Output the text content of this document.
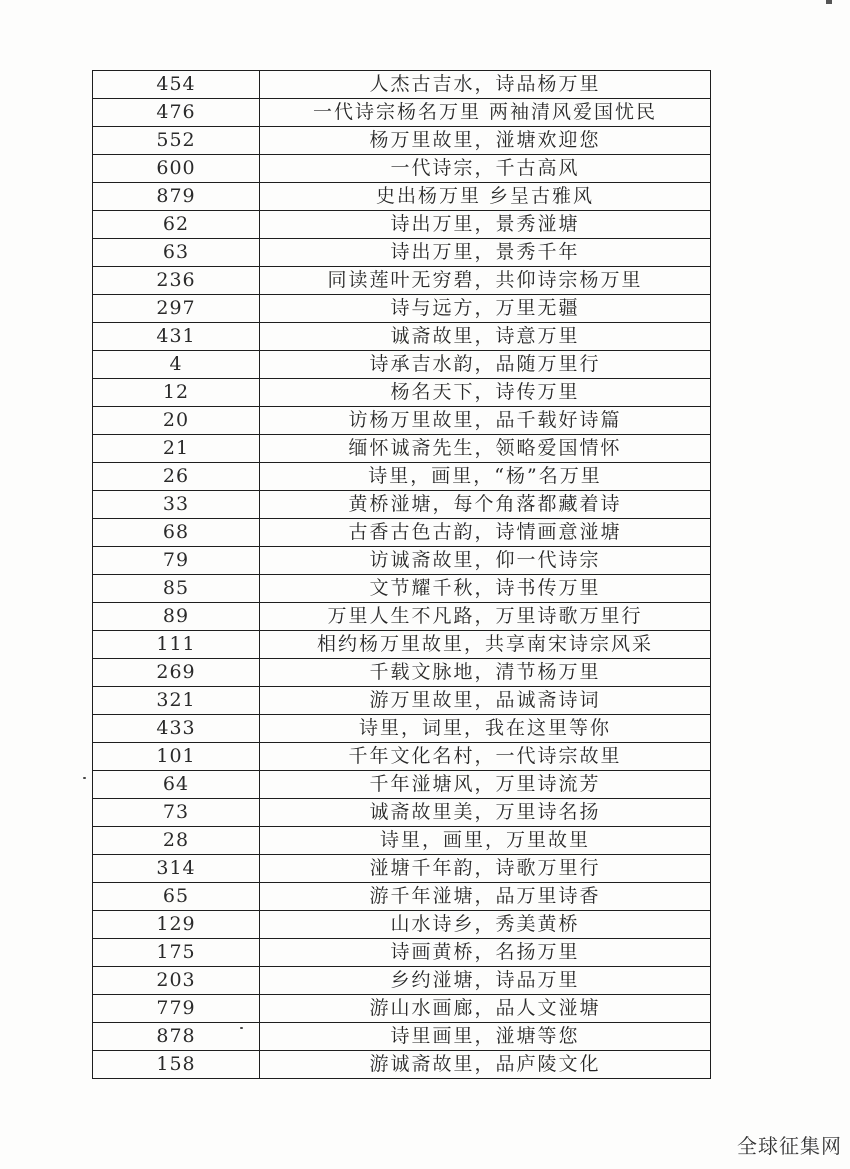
454	人杰古吉水，诗品杨万里
476	一代诗宗杨名万里 两袖清风爱国忧民
552	杨万里故里，湴塘欢迎您
600	一代诗宗，千古高风
879	史出杨万里 乡呈古雅风
62	诗出万里，景秀湴塘
63	诗出万里，景秀千年
236	同读莲叶无穷碧，共仰诗宗杨万里
297	诗与远方，万里无疆
431	诚斋故里，诗意万里
4	诗承吉水韵，品随万里行
12	杨名天下，诗传万里
20	访杨万里故里，品千载好诗篇
21	缅怀诚斋先生，领略爱国情怀
26	诗里，画里，“杨”名万里
33	黄桥湴塘，每个角落都藏着诗
68	古香古色古韵，诗情画意湴塘
79	访诚斋故里，仰一代诗宗
85	文节耀千秋，诗书传万里
89	万里人生不凡路，万里诗歌万里行
111	相约杨万里故里，共享南宋诗宗风采
269	千载文脉地，清节杨万里
321	游万里故里，品诚斋诗词
433	诗里，词里，我在这里等你
101	千年文化名村，一代诗宗故里
64	千年湴塘风，万里诗流芳
73	诚斋故里美，万里诗名扬
28	诗里，画里，万里故里
314	湴塘千年韵，诗歌万里行
65	游千年湴塘，品万里诗香
129	山水诗乡，秀美黄桥
175	诗画黄桥，名扬万里
203	乡约湴塘，诗品万里
779	游山水画廊，品人文湴塘
878	诗里画里，湴塘等您
158	游诚斋故里，品庐陵文化
全球征集网
